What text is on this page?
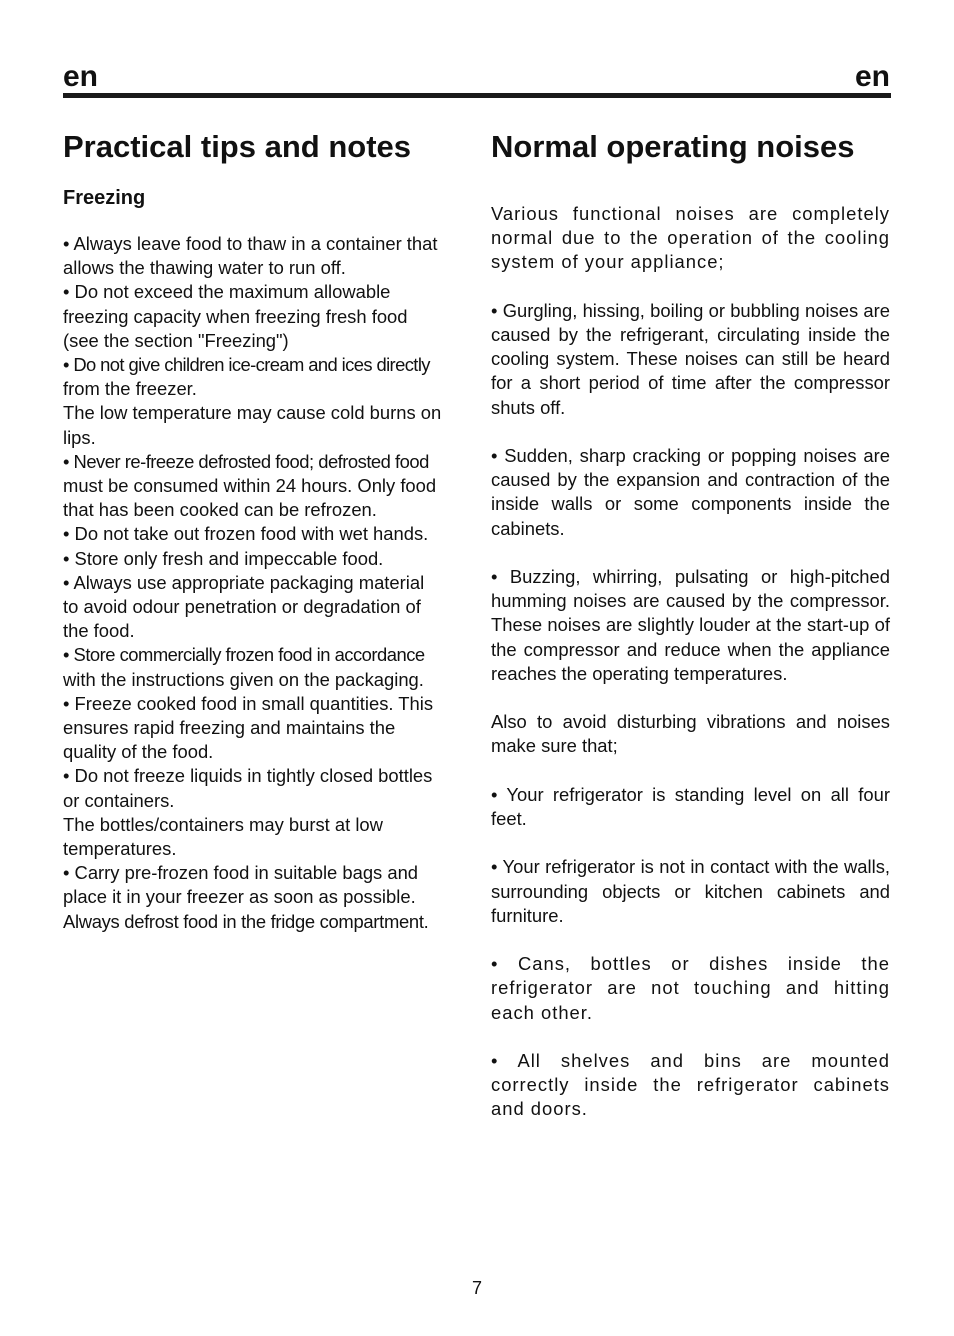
en	en
Practical tips and notes
Freezing
• Always leave food to thaw in a container that
allows the thawing water to run off.
• Do not exceed the maximum allowable
freezing capacity when freezing fresh food
(see the section "Freezing")
• Do not give children ice-cream and ices directly
from the freezer.
The low temperature may cause cold burns on
lips.
• Never re-freeze defrosted food; defrosted food
must be consumed within 24 hours. Only food
that has been cooked can be refrozen.
• Do not take out frozen food with wet hands.
• Store only fresh and impeccable food.
• Always use appropriate packaging material
to avoid odour penetration or degradation of
the food.
• Store commercially frozen food in accordance
with the instructions given on the packaging.
• Freeze cooked food in small quantities. This
ensures rapid freezing and maintains the
quality of the food.
• Do not freeze liquids in tightly closed bottles
or containers.
The bottles/containers may burst at low
temperatures.
• Carry pre-frozen food in suitable bags and
place it in your freezer as soon as possible.
Always defrost food in the fridge compartment.
Normal operating noises

Various functional noises are completely normal due to the operation of the cooling system of your appliance;

• Gurgling, hissing, boiling or bubbling noises are caused by the refrigerant, circulating inside the cooling system. These noises can still be heard for a short period of time after the compressor shuts off.

• Sudden, sharp cracking or popping noises are caused by the expansion and contraction of the inside walls or some components inside the cabinets.

• Buzzing, whirring, pulsating or high-pitched humming noises are caused by the compressor. These noises are slightly louder at the start-up of the compressor and reduce when the appliance reaches the operating temperatures.

Also to avoid disturbing vibrations and noises make sure that;

• Your refrigerator is standing level on all four feet.

• Your refrigerator is not in contact with the walls, surrounding objects or kitchen cabinets and furniture.

• Cans, bottles or dishes inside the refrigerator are not touching and hitting each other.

• All shelves and bins are mounted correctly inside the refrigerator cabinets and doors.

7
